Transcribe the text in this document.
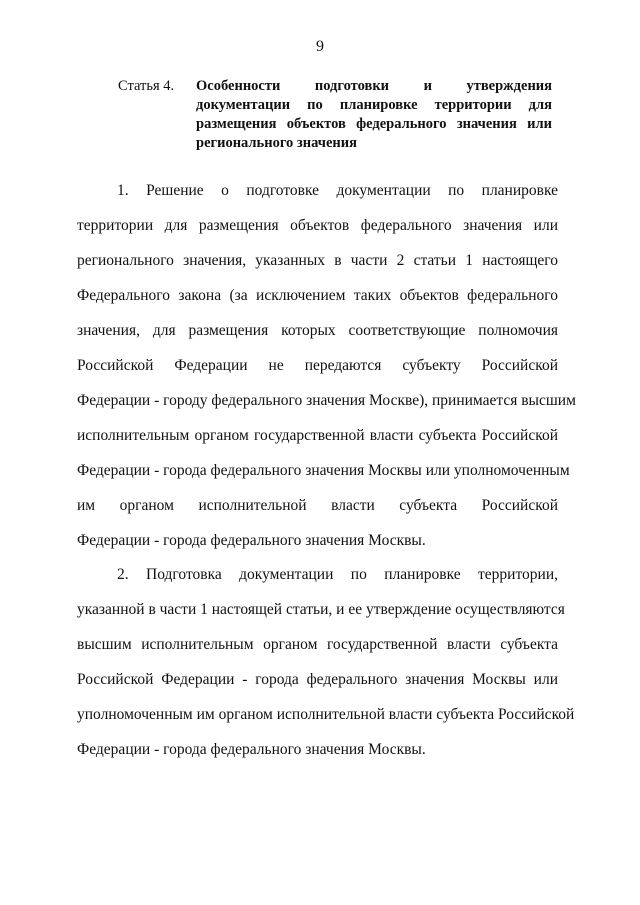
9
Статья 4.	Особенности подготовки и утверждения документации по планировке территории для размещения объектов федерального значения или регионального значения
1. Решение о подготовке документации по планировке
территории для размещения объектов федерального значения или
регионального значения, указанных в части 2 статьи 1 настоящего
Федерального закона (за исключением таких объектов федерального
значения, для размещения которых соответствующие полномочия
Российской Федерации не передаются субъекту Российской
Федерации - городу федерального значения Москве), принимается высшим
исполнительным органом государственной власти субъекта Российской
Федерации - города федерального значения Москвы или уполномоченным
им органом исполнительной власти субъекта Российской
Федерации - города федерального значения Москвы.
2. Подготовка документации по планировке территории,
указанной в части 1 настоящей статьи, и ее утверждение осуществляются
высшим исполнительным органом государственной власти субъекта
Российской Федерации - города федерального значения Москвы или
уполномоченным им органом исполнительной власти субъекта Российской
Федерации - города федерального значения Москвы.
